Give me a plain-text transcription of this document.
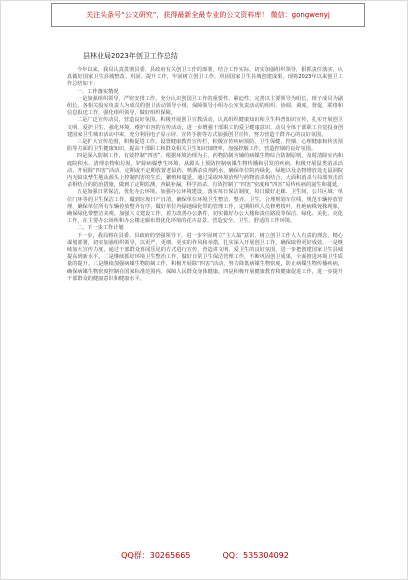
关注头条号“公文研究”，获得最新全最专业的公文资料库！ 微信：gongwenyj
县林业局2023年创卫工作总结

今年以来，我局认真贯彻县委、县政府有关创卫工作的部署，结合工作实际，切实加强组织领导，狠抓责任落实，认真做好国家卫生县城整改、巩固、提升工作，牢固树立创卫工作，巩固国家卫生县城创建成果，现将2023年以来创卫工作总结如下：

一、工作落实情况

一是加强组织领导，严密安排工作。充分认识创国卫工作的重要性、紧迫性，完善以主要领导为组长，班子成员为副组长，各相关股室负责人为成员的创卫活动领导小组，保障领导小组办公室负责活动的组织、协调、调度、督促，联络和信息报送工作，强化组织领导，做好组织保障。

二是广泛宣传动员，营造良好氛围。积极开展创卫宣教活动，认真组织健康知识和卫生科普知识宣传，扎实开展创卫文明、爱护卫生、强化环境、维护市容的宣传活动，进一步增强干部职工的爱卫健康意识，动员全体干部职工自觉投身创建国家卫生城市活动中来，充分利用电子显示屏、宣传手册等方式加强创卫宣传，努力营造干群齐心的良好氛围。

三是扩大宣传范围，积极促进工作。设置健康教育宣传栏，积极宣传疾病预防、卫生保健、控烟、心理健康和传害预防等方面的卫生健康知识，提高干部职工和群众相关卫生知识知晓率，加强控烟工作，营造控烟的良好氛围。

四是深入防制工作，有效控制“四害”。根据环境治理为主，药物防制为辅的病媒生物综合防制原则，及时清除室内和庭院积水、清理杂物和垃圾，铲除病媒孳生环境，从源头上预防控制病媒生物传播和引发的疾病。积极开展鼠类消杀活动，开展除“四害”活动，定期或不定期放置老鼠药、喷洒杀虫剂药水，确保单位院内绿化、绿地以及杂物堆放处无鼠洞院内无蚊虫孳生地从源头上控制四害的生长，繁殖和蔓延。通过采取环境治理与药物消杀相结合，大面积消杀与局部突击消杀相结合的防治措施，做到了定期监测，查缺补漏，科学消杀，有效控制了“四害”密度和“四害”易传疾病的滋生和蔓延。

五是加强日常保洁，优化办公环境。加强办公环境建设，落实每日保洁制度，每日做好走廊、卫生间、公共区域、单位门环等的卫生保洁工作，做到垃圾日产日清，确保单位环境卫生整洁、整齐。卫生、合理规划车位线，规范车辆停放管理，确保单位所有车辆停放整齐有序，做好单位内绿地绿化带的管理工作，定期组织人员修剪枝叶，杜绝病株死株现象，确保绿化带整洁美观。加强人文建设工作，着力改善办公条件，切实做好办公大楼和责任路段等保洁、绿化、美化、亮化工作，在主要办公场所和办公楼走廊布置优化环境的花卉盆景，营造安全、卫生、舒适的工作环境。

二、下一步工作计划

下一步，我局将在县委、县政府的坚强领导下，进一步牢固树立“主人翁”意识，树立创卫工作人人有责的理念，精心谋划部署，切实加强组织领导，以更严、更细、更实的作风和举措，扎实深入开展创卫工作，确保取得更好成效。一是继续加大宣传力度，通过干部群众喜闻乐见的方式进行宣传，营造讲文明、爱卫生的良好氛围，进一步把创建国家卫生县城提高到新水平。二是继续抓好环境卫生整治工作，做好日常卫生保洁管理工作，不断巩固创卫成果，全面推进环境卫生质量的提升。三是继续加强病媒生物防制工作，积极开展除“四害”活动，努力降低病媒生物密度，防止病媒生物传播疾病，确保病媒生物密度控制在国家标准范围内，保障人民群众身体健康。四是积极开展健康教育和健康促进工作，进一步提升干部群众的健康意识和健康水平。

QQ群：30265665	QQ：535304092
